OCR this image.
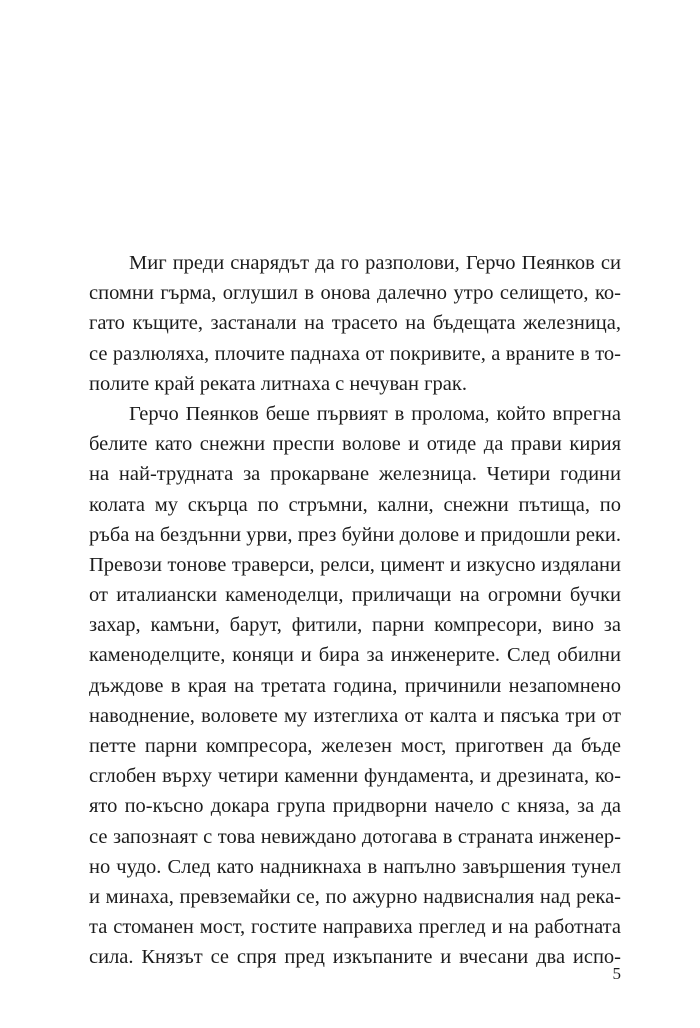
Миг преди снарядът да го разполови, Герчо Пеянков си
спомни гърма, оглушил в онова далечно утро селището, ко-
гато къщите, застанали на трасето на бъдещата железница,
се разлюляха, плочите паднаха от покривите, а враните в то-
полите край реката литнаха с нечуван грак.
Герчо Пеянков беше първият в пролома, който впрегна
белите като снежни преспи волове и отиде да прави кирия
на най-трудната за прокарване железница. Четири години
колата му скърца по стръмни, кални, снежни пътища, по
ръба на бездънни урви, през буйни долове и придошли реки.
Превози тонове траверси, релси, цимент и изкусно издялани
от италиански каменоделци, приличащи на огромни бучки
захар, камъни, барут, фитили, парни компресори, вино за
каменоделците, коняци и бира за инженерите. След обилни
дъждове в края на третата година, причинили незапомнено
наводнение, воловете му изтеглиха от калта и пясъка три от
петте парни компресора, железен мост, приготвен да бъде
сглобен върху четири каменни фундамента, и дрезината, ко-
ято по-късно докара група придворни начело с княза, за да
се запознаят с това невиждано дотогава в страната инженер-
но чудо. След като надникнаха в напълно завършения тунел
и минаха, превземайки се, по ажурно надвисналия над река-
та стоманен мост, гостите направиха преглед и на работната
сила. Князът се спря пред изкъпаните и вчесани два испо-
5
